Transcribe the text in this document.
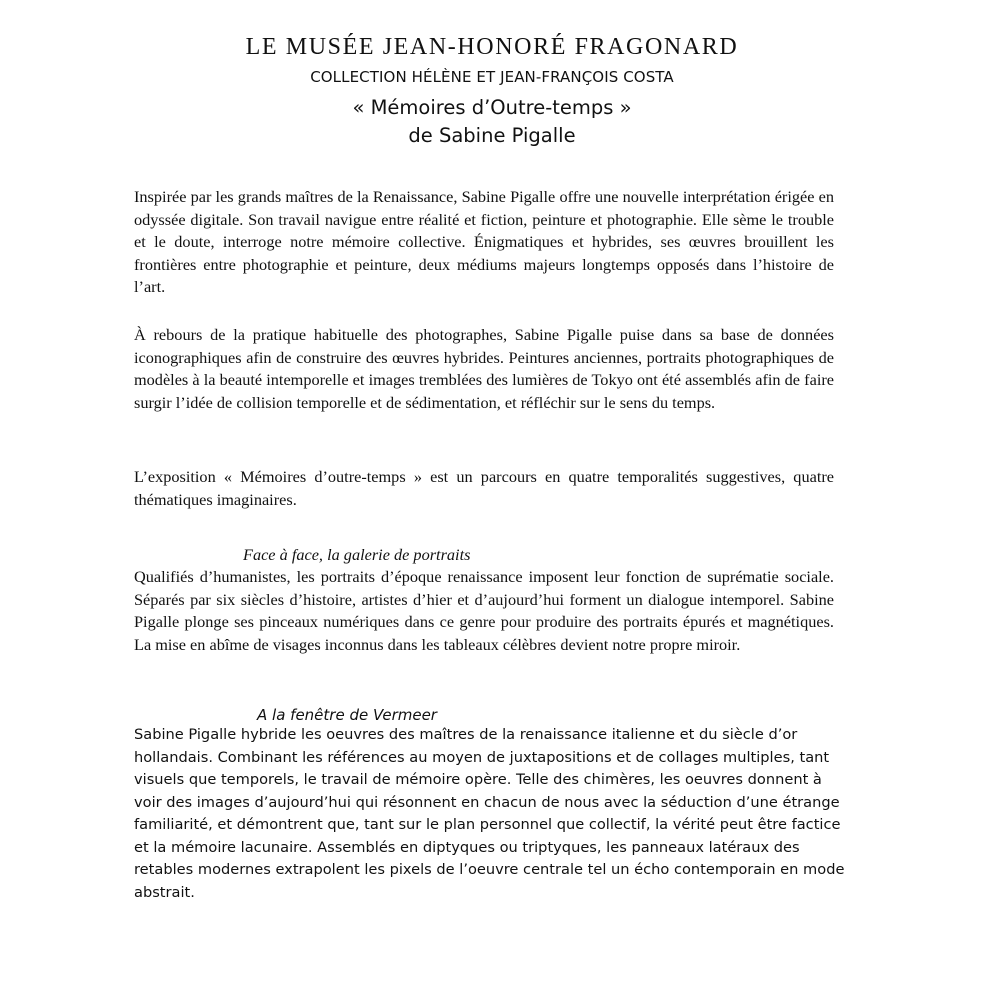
LE MUSÉE JEAN-HONORÉ FRAGONARD
COLLECTION HÉLÈNE ET JEAN-FRANÇOIS COSTA
« Mémoires d’Outre-temps »
de Sabine Pigalle

Inspirée par les grands maîtres de la Renaissance, Sabine Pigalle offre une nouvelle interprétation érigée en odyssée digitale. Son travail navigue entre réalité et fiction, peinture et photographie. Elle sème le trouble et le doute, interroge notre mémoire collective. Énigmatiques et hybrides, ses œuvres brouillent les frontières entre photographie et peinture, deux médiums majeurs longtemps opposés dans l’histoire de l’art.

À rebours de la pratique habituelle des photographes, Sabine Pigalle puise dans sa base de données iconographiques afin de construire des œuvres hybrides. Peintures anciennes, portraits photographiques de modèles à la beauté intemporelle et images tremblées des lumières de Tokyo ont été assemblés afin de faire surgir l’idée de collision temporelle et de sédimentation, et réfléchir sur le sens du temps.

L’exposition « Mémoires d’outre-temps » est un parcours en quatre temporalités suggestives, quatre thématiques imaginaires.

Face à face, la galerie de portraits

Qualifiés d’humanistes, les portraits d’époque renaissance imposent leur fonction de suprématie sociale. Séparés par six siècles d’histoire, artistes d’hier et d’aujourd’hui forment un dialogue intemporel. Sabine Pigalle plonge ses pinceaux numériques dans ce genre pour produire des portraits épurés et magnétiques. La mise en abîme de visages inconnus dans les tableaux célèbres devient notre propre miroir.

A la fenêtre de Vermeer

Sabine Pigalle hybride les oeuvres des maîtres de la renaissance italienne et du siècle d’or hollandais. Combinant les références au moyen de juxtapositions et de collages multiples, tant visuels que temporels, le travail de mémoire opère. Telle des chimères, les oeuvres donnent à voir des images d’aujourd’hui qui résonnent en chacun de nous avec la séduction d’une étrange familiarité, et démontrent que, tant sur le plan personnel que collectif, la vérité peut être factice et la mémoire lacunaire. Assemblés en diptyques ou triptyques, les panneaux latéraux des retables modernes extrapolent les pixels de l’oeuvre centrale tel un écho contemporain en mode abstrait.
